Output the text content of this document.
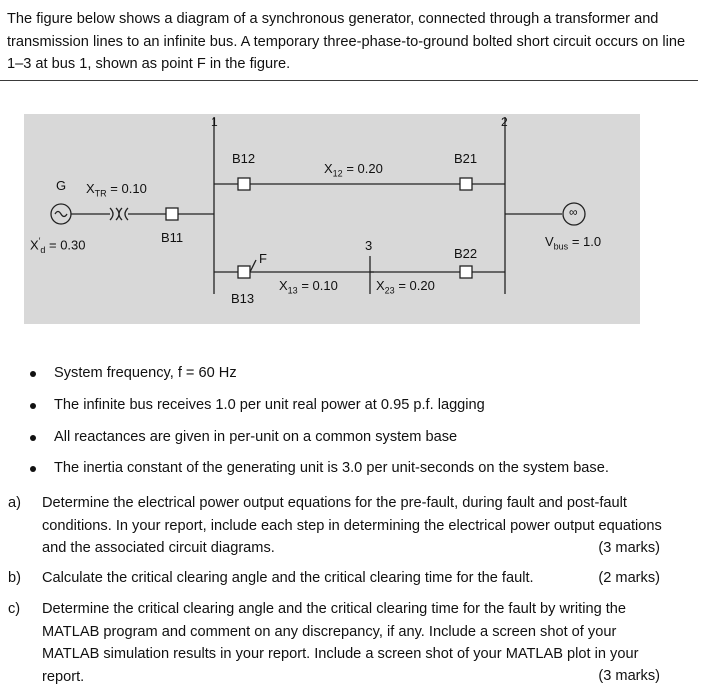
The figure below shows a diagram of a synchronous generator, connected through a transformer and transmission lines to an infinite bus. A temporary three-phase-to-ground bolted short circuit occurs on line 1–3 at bus 1, shown as point F in the figure.
1	2
3
G $X_{TR} = 0.10$
$X'_d = 0.30$	B11
B12	B21
$X_{12} = 0.20$
$V_{bus} = 1.0$
∞
B22
F
B13
$X_{13} = 0.10$	$X_{23} = 0.20$
System frequency, f = 60 Hz
The infinite bus receives 1.0 per unit real power at 0.95 p.f. lagging
All reactances are given in per-unit on a common system base
The inertia constant of the generating unit is 3.0 per unit-seconds on the system base.
a) Determine the electrical power output equations for the pre-fault, during fault and post-fault conditions. In your report, include each step in determining the electrical power output equations and the associated circuit diagrams.	(3 marks)
b) Calculate the critical clearing angle and the critical clearing time for the fault.	(2 marks)
c) Determine the critical clearing angle and the critical clearing time for the fault by writing the MATLAB program and comment on any discrepancy, if any. Include a screen shot of your MATLAB simulation results in your report. Include a screen shot of your MATLAB plot in your report.	(3 marks)
